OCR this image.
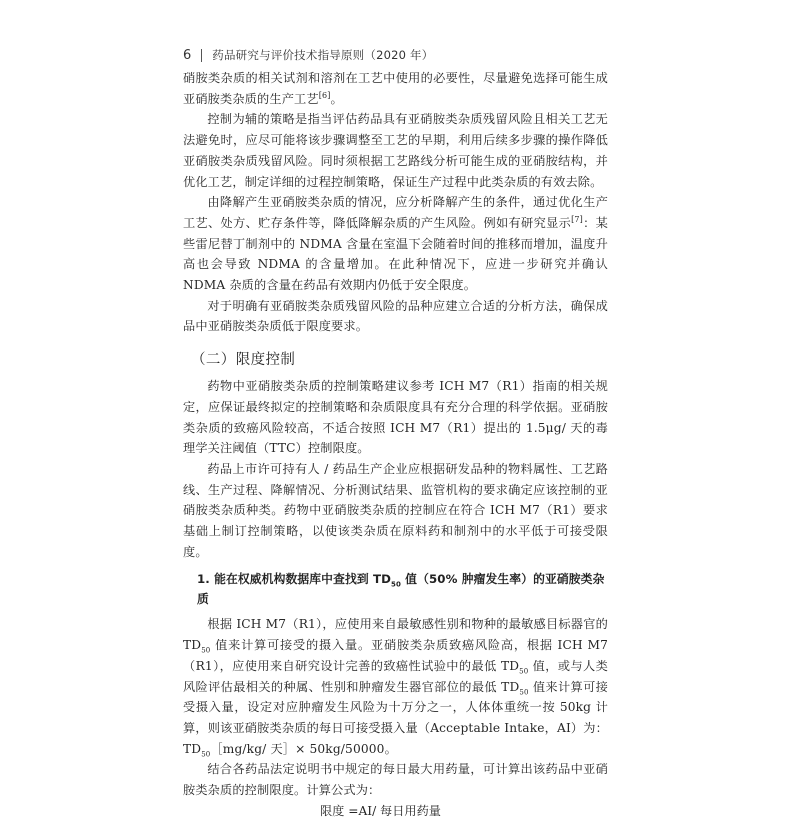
6 药品研究与评价技术指导原则（2020 年）

硝胺类杂质的相关试剂和溶剂在工艺中使用的必要性，尽量避免选择可能生成亚硝胺类杂质的生产工艺[6]。

控制为辅的策略是指当评估药品具有亚硝胺类杂质残留风险且相关工艺无法避免时，应尽可能将该步骤调整至工艺的早期，利用后续多步骤的操作降低亚硝胺类杂质残留风险。同时须根据工艺路线分析可能生成的亚硝胺结构，并优化工艺，制定详细的过程控制策略，保证生产过程中此类杂质的有效去除。

由降解产生亚硝胺类杂质的情况，应分析降解产生的条件，通过优化生产工艺、处方、贮存条件等，降低降解杂质的产生风险。例如有研究显示[7]：某些雷尼替丁制剂中的 NDMA 含量在室温下会随着时间的推移而增加，温度升高也会导致 NDMA 的含量增加。在此种情况下，应进一步研究并确认 NDMA 杂质的含量在药品有效期内仍低于安全限度。

对于明确有亚硝胺类杂质残留风险的品种应建立合适的分析方法，确保成品中亚硝胺类杂质低于限度要求。

（二）限度控制

药物中亚硝胺类杂质的控制策略建议参考 ICH M7（R1）指南的相关规定，应保证最终拟定的控制策略和杂质限度具有充分合理的科学依据。亚硝胺类杂质的致癌风险较高，不适合按照 ICH M7（R1）提出的 1.5μg/ 天的毒理学关注阈值（TTC）控制限度。

药品上市许可持有人 / 药品生产企业应根据研发品种的物料属性、工艺路线、生产过程、降解情况、分析测试结果、监管机构的要求确定应该控制的亚硝胺类杂质种类。药物中亚硝胺类杂质的控制应在符合 ICH M7（R1）要求基础上制订控制策略，以使该类杂质在原料药和制剂中的水平低于可接受限度。

1. 能在权威机构数据库中查找到 $TD_{50}$ 值（50% 肿瘤发生率）的亚硝胺类杂质

根据 ICH M7（R1），应使用来自最敏感性别和物种的最敏感目标器官的 $TD_{50}$ 值来计算可接受的摄入量。亚硝胺类杂质致癌风险高，根据 ICH M7（R1），应使用来自研究设计完善的致癌性试验中的最低 $TD_{50}$ 值，或与人类风险评估最相关的种属、性别和肿瘤发生器官部位的最低 $TD_{50}$ 值来计算可接受摄入量，设定对应肿瘤发生风险为十万分之一，人体体重统一按 50kg 计算，则该亚硝胺类杂质的每日可接受摄入量（Acceptable Intake，AI）为：$TD_{50}[mg/kg/$ 天］× 50kg/50000。

结合各药品法定说明书中规定的每日最大用药量，可计算出该药品中亚硝胺类杂质的控制限度。计算公式为：

限度 =AI/ 每日用药量
